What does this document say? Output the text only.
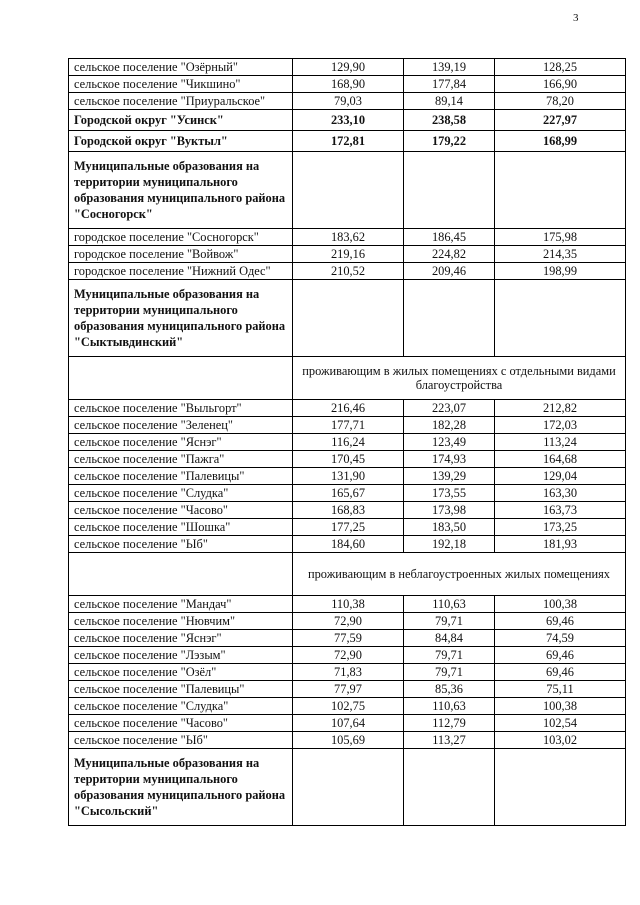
3
сельское поселение "Озёрный"	129,90	139,19	128,25
сельское поселение "Чикшино"	168,90	177,84	166,90
сельское поселение "Приуральское"	79,03	89,14	78,20
Городской округ "Усинск"	233,10	238,58	227,97
Городской округ "Вуктыл"	172,81	179,22	168,99
Муниципальные образования на территории муниципального образования муниципального района "Сосногорск"			
городское поселение "Сосногорск"	183,62	186,45	175,98
городское поселение "Войвож"	219,16	224,82	214,35
городское поселение "Нижний Одес"	210,52	209,46	198,99
Муниципальные образования на территории муниципального образования муниципального района "Сыктывдинский"			
	проживающим в жилых помещениях с отдельными видами благоустройства		
сельское поселение "Выльгорт"	216,46	223,07	212,82
сельское поселение "Зеленец"	177,71	182,28	172,03
сельское поселение "Яснэг"	116,24	123,49	113,24
сельское поселение "Пажга"	170,45	174,93	164,68
сельское поселение "Палевицы"	131,90	139,29	129,04
сельское поселение "Слудка"	165,67	173,55	163,30
сельское поселение "Часово"	168,83	173,98	163,73
сельское поселение "Шошка"	177,25	183,50	173,25
сельское поселение "Ыб"	184,60	192,18	181,93
	проживающим в неблагоустроенных жилых помещениях		
сельское поселение "Мандач"	110,38	110,63	100,38
сельское поселение "Нювчим"	72,90	79,71	69,46
сельское поселение "Яснэг"	77,59	84,84	74,59
сельское поселение "Лэзым"	72,90	79,71	69,46
сельское поселение "Озёл"	71,83	79,71	69,46
сельское поселение "Палевицы"	77,97	85,36	75,11
сельское поселение "Слудка"	102,75	110,63	100,38
сельское поселение "Часово"	107,64	112,79	102,54
сельское поселение "Ыб"	105,69	113,27	103,02
Муниципальные образования на территории муниципального образования муниципального района "Сысольский"			
